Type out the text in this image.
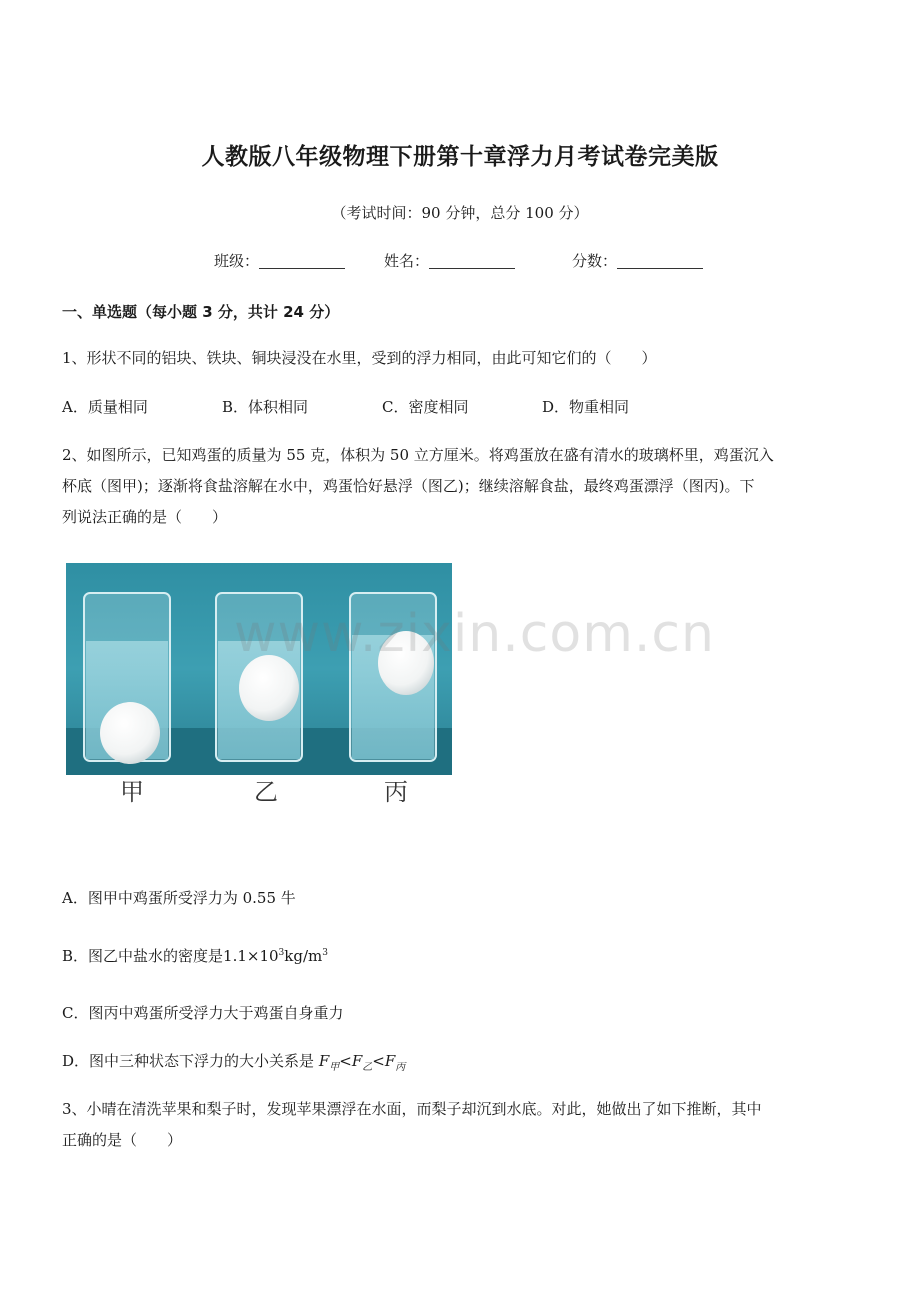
人教版八年级物理下册第十章浮力月考试卷完美版
（考试时间：90 分钟，总分 100 分）
班级：	姓名：	分数：
一、单选题（每小题 3 分，共计 24 分）
1、形状不同的铝块、铁块、铜块浸没在水里，受到的浮力相同，由此可知它们的（　　）
A．质量相同	B．体积相同	C．密度相同	D．物重相同
2、如图所示，已知鸡蛋的质量为 55 克，体积为 50 立方厘米。将鸡蛋放在盛有清水的玻璃杯里，鸡蛋沉入
杯底（图甲)；逐渐将食盐溶解在水中，鸡蛋恰好悬浮（图乙)；继续溶解食盐，最终鸡蛋漂浮（图丙)。下
列说法正确的是（　　）
甲	乙	丙
www.zixin.com.cn
A．图甲中鸡蛋所受浮力为 0.55 牛
B．图乙中盐水的密度是$1.1\times 10^3kg/m^3$
C．图丙中鸡蛋所受浮力大于鸡蛋自身重力
D．图中三种状态下浮力的大小关系是 $F_甲<F_乙<F_丙$
3、小晴在清洗苹果和梨子时，发现苹果漂浮在水面，而梨子却沉到水底。对此，她做出了如下推断，其中
正确的是（　　）
